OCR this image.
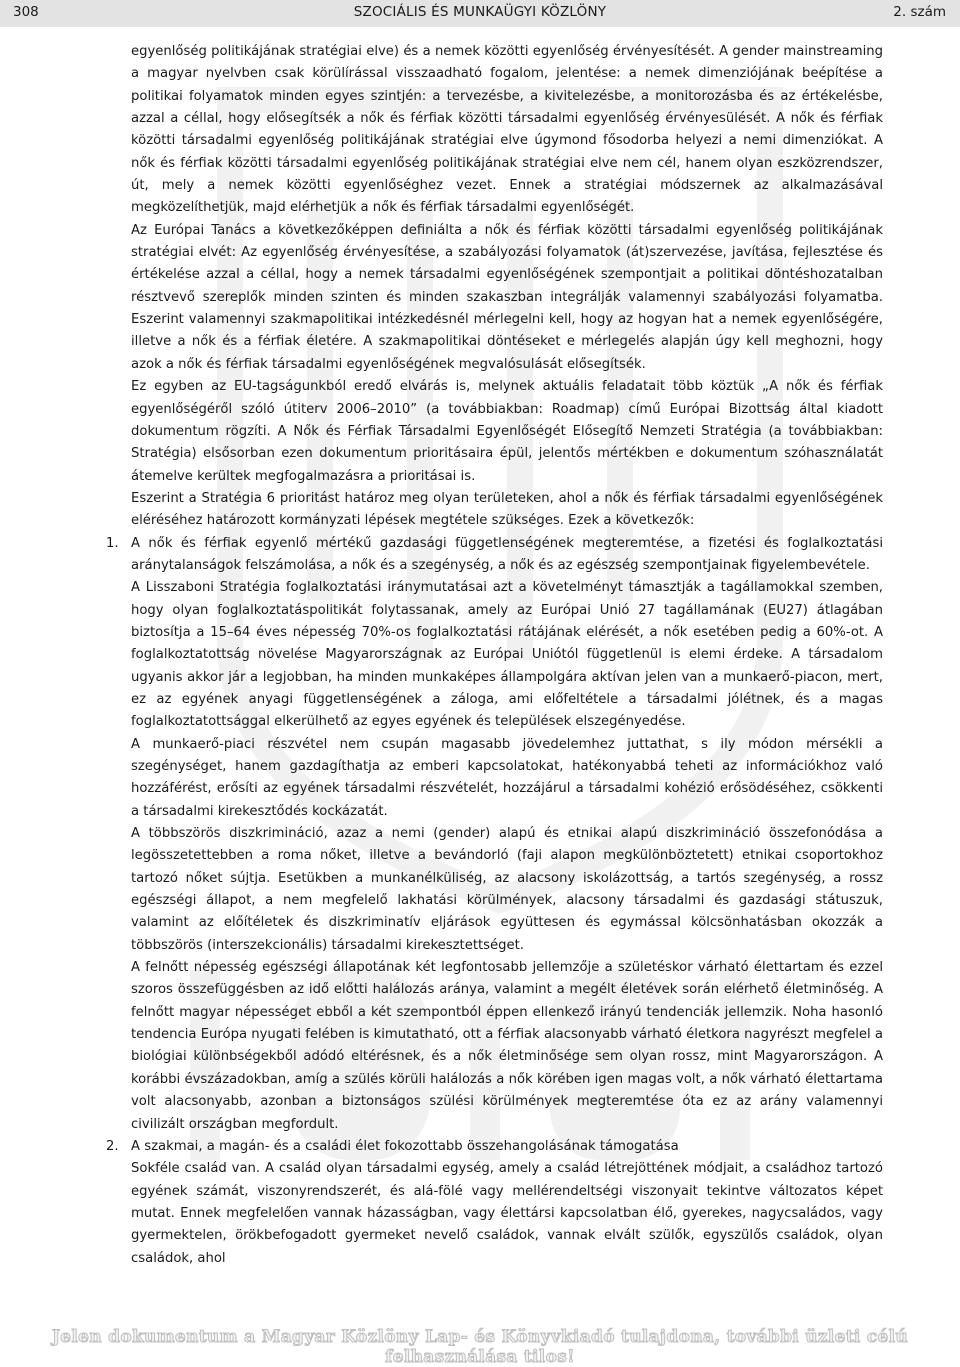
308	SZOCIÁLIS ÉS MUNKAÜGYI KÖZLÖNY	2. szám

egyenlőség politikájának stratégiai elve) és a nemek közötti egyenlőség érvényesítését. A gender mainstreaming a magyar nyelvben csak körülírással visszaadható fogalom, jelentése: a nemek dimenziójának beépítése a politikai folyamatok minden egyes szintjén: a tervezésbe, a kivitelezésbe, a monitorozásba és az értékelésbe, azzal a céllal, hogy elősegítsék a nők és férfiak közötti társadalmi egyenlőség érvényesülését. A nők és férfiak közötti társadalmi egyenlőség politikájának stratégiai elve úgymond fősodorba helyezi a nemi dimenziókat. A nők és férfiak közötti társadalmi egyenlőség politikájának stratégiai elve nem cél, hanem olyan eszközrendszer, út, mely a nemek közötti egyenlőséghez vezet. Ennek a stratégiai módszernek az alkalmazásával megközelíthetjük, majd elérhetjük a nők és férfiak társadalmi egyenlőségét.

Az Európai Tanács a következőképpen definiálta a nők és férfiak közötti társadalmi egyenlőség politikájának stratégiai elvét: Az egyenlőség érvényesítése, a szabályozási folyamatok (át)szervezése, javítása, fejlesztése és értékelése azzal a céllal, hogy a nemek társadalmi egyenlőségének szempontjait a politikai döntéshozatalban résztvevő szereplők minden szinten és minden szakaszban integrálják valamennyi szabályozási folyamatba. Eszerint valamennyi szakmapolitikai intézkedésnél mérlegelni kell, hogy az hogyan hat a nemek egyenlőségére, illetve a nők és a férfiak életére. A szakmapolitikai döntéseket e mérlegelés alapján úgy kell meghozni, hogy azok a nők és férfiak társadalmi egyenlőségének megvalósulását elősegítsék.

Ez egyben az EU-tagságunkból eredő elvárás is, melynek aktuális feladatait több köztük „A nők és férfiak egyenlőségéről szóló útiterv 2006–2010” (a továbbiakban: Roadmap) című Európai Bizottság által kiadott dokumentum rögzíti. A Nők és Férfiak Társadalmi Egyenlőségét Elősegítő Nemzeti Stratégia (a továbbiakban: Stratégia) elsősorban ezen dokumentum prioritásaira épül, jelentős mértékben e dokumentum szóhasználatát átemelve kerültek megfogalmazásra a prioritásai is.

Eszerint a Stratégia 6 prioritást határoz meg olyan területeken, ahol a nők és férfiak társadalmi egyenlőségének eléréséhez határozott kormányzati lépések megtétele szükséges. Ezek a következők:

1. A nők és férfiak egyenlő mértékű gazdasági függetlenségének megteremtése, a fizetési és foglalkoztatási aránytalanságok felszámolása, a nők és a szegénység, a nők és az egészség szempontjainak figyelembevétele.

A Lisszaboni Stratégia foglalkoztatási iránymutatásai azt a követelményt támasztják a tagállamokkal szemben, hogy olyan foglalkoztatáspolitikát folytassanak, amely az Európai Unió 27 tagállamának (EU27) átlagában biztosítja a 15–64 éves népesség 70%-os foglalkoztatási rátájának elérését, a nők esetében pedig a 60%-ot. A foglalkoztatottság növelése Magyarországnak az Európai Uniótól függetlenül is elemi érdeke. A társadalom ugyanis akkor jár a legjobban, ha minden munkaképes állampolgára aktívan jelen van a munkaerő-piacon, mert, ez az egyének anyagi függetlenségének a záloga, ami előfeltétele a társadalmi jólétnek, és a magas foglalkoztatottsággal elkerülhető az egyes egyének és települések elszegényedése.

A munkaerő-piaci részvétel nem csupán magasabb jövedelemhez juttathat, s ily módon mérsékli a szegénységet, hanem gazdagíthatja az emberi kapcsolatokat, hatékonyabbá teheti az információkhoz való hozzáférést, erősíti az egyének társadalmi részvételét, hozzájárul a társadalmi kohézió erősödéséhez, csökkenti a társadalmi kirekesztődés kockázatát.

A többszörös diszkrimináció, azaz a nemi (gender) alapú és etnikai alapú diszkrimináció összefonódása a legösszetettebben a roma nőket, illetve a bevándorló (faji alapon megkülönböztetett) etnikai csoportokhoz tartozó nőket sújtja. Esetükben a munkanélküliség, az alacsony iskolázottság, a tartós szegénység, a rossz egészségi állapot, a nem megfelelő lakhatási körülmények, alacsony társadalmi és gazdasági státuszuk, valamint az előítéletek és diszkriminatív eljárások együttesen és egymással kölcsönhatásban okozzák a többszörös (interszekcionális) társadalmi kirekesztettséget.

A felnőtt népesség egészségi állapotának két legfontosabb jellemzője a születéskor várható élettartam és ezzel szoros összefüggésben az idő előtti halálozás aránya, valamint a megélt életévek során elérhető életminőség. A felnőtt magyar népességet ebből a két szempontból éppen ellenkező irányú tendenciák jellemzik. Noha hasonló tendencia Európa nyugati felében is kimutatható, ott a férfiak alacsonyabb várható életkora nagyrészt megfelel a biológiai különbségekből adódó eltérésnek, és a nők életminősége sem olyan rossz, mint Magyarországon. A korábbi évszázadokban, amíg a szülés körüli halálozás a nők körében igen magas volt, a nők várható élettartama volt alacsonyabb, azonban a biztonságos szülési körülmények megteremtése óta ez az arány valamennyi civilizált országban megfordult.

2. A szakmai, a magán- és a családi élet fokozottabb összehangolásának támogatása

Sokféle család van. A család olyan társadalmi egység, amely a család létrejöttének módjait, a családhoz tartozó egyének számát, viszonyrendszerét, és alá-fölé vagy mellérendeltségi viszonyait tekintve változatos képet mutat. Ennek megfelelően vannak házasságban, vagy élettársi kapcsolatban élő, gyerekes, nagycsaládos, vagy gyermektelen, örökbefogadott gyermeket nevelő családok, vannak elvált szülők, egyszülős családok, olyan családok, ahol

Jelen dokumentum a Magyar Közlöny Lap- és Könyvkiadó tulajdona, további üzleti célú felhasználása tilos!
